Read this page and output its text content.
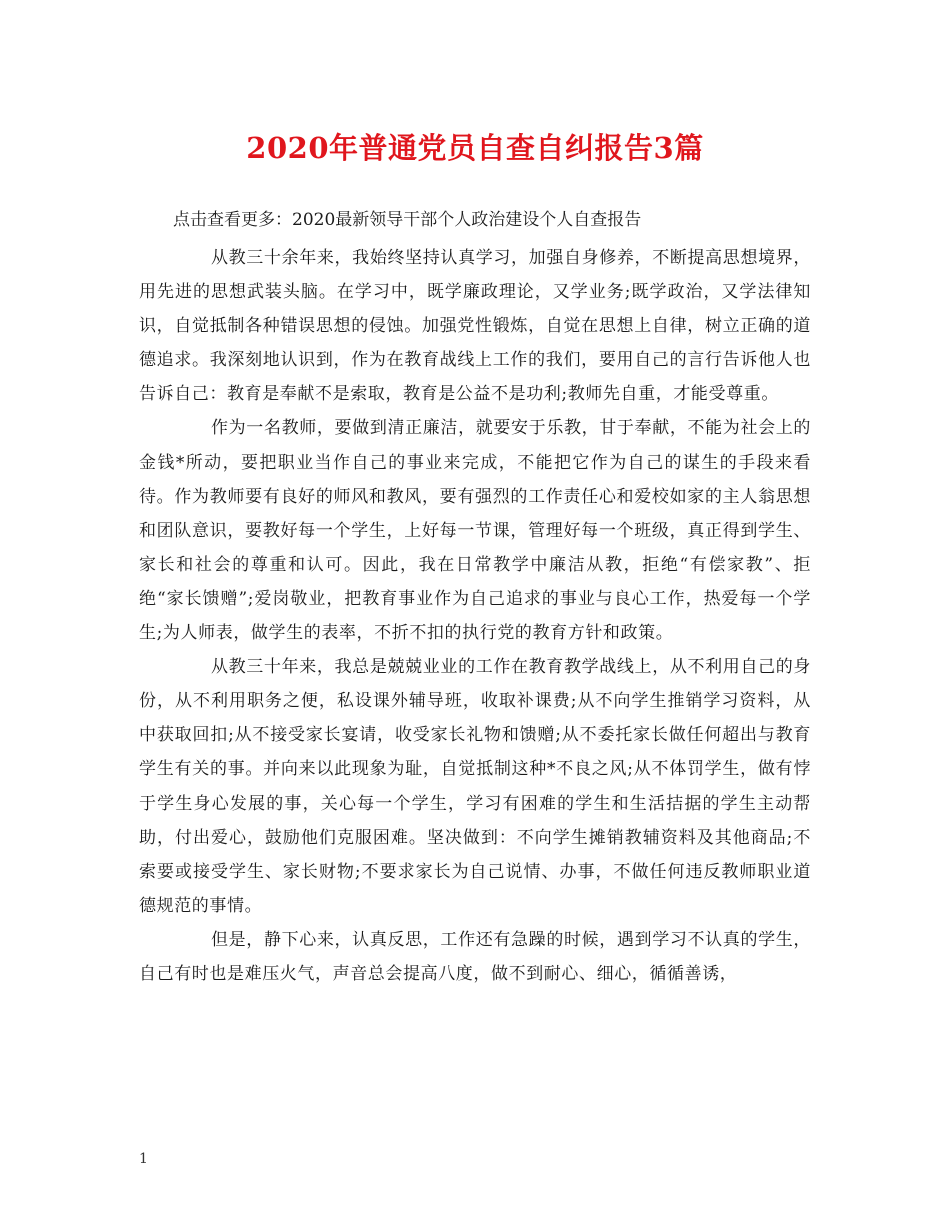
2020年普通党员自查自纠报告3篇

点击查看更多：2020最新领导干部个人政治建设个人自查报告

从教三十余年来，我始终坚持认真学习，加强自身修养，不断提高思想境界，用先进的思想武装头脑。在学习中，既学廉政理论，又学业务;既学政治，又学法律知识，自觉抵制各种错误思想的侵蚀。加强党性锻炼，自觉在思想上自律，树立正确的道德追求。我深刻地认识到，作为在教育战线上工作的我们，要用自己的言行告诉他人也告诉自己：教育是奉献不是索取，教育是公益不是功利;教师先自重，才能受尊重。

作为一名教师，要做到清正廉洁，就要安于乐教，甘于奉献，不能为社会上的金钱*所动，要把职业当作自己的事业来完成，不能把它作为自己的谋生的手段来看待。作为教师要有良好的师风和教风，要有强烈的工作责任心和爱校如家的主人翁思想和团队意识，要教好每一个学生，上好每一节课，管理好每一个班级，真正得到学生、家长和社会的尊重和认可。因此，我在日常教学中廉洁从教，拒绝“有偿家教”、拒绝“家长馈赠”;爱岗敬业，把教育事业作为自己追求的事业与良心工作，热爱每一个学生;为人师表，做学生的表率，不折不扣的执行党的教育方针和政策。

从教三十年来，我总是兢兢业业的工作在教育教学战线上，从不利用自己的身份，从不利用职务之便，私设课外辅导班，收取补课费;从不向学生推销学习资料，从中获取回扣;从不接受家长宴请，收受家长礼物和馈赠;从不委托家长做任何超出与教育学生有关的事。并向来以此现象为耻，自觉抵制这种*不良之风;从不体罚学生，做有悖于学生身心发展的事，关心每一个学生，学习有困难的学生和生活拮据的学生主动帮助，付出爱心，鼓励他们克服困难。坚决做到：不向学生摊销教辅资料及其他商品;不索要或接受学生、家长财物;不要求家长为自己说情、办事，不做任何违反教师职业道德规范的事情。

但是，静下心来，认真反思，工作还有急躁的时候，遇到学习不认真的学生，自己有时也是难压火气，声音总会提高八度，做不到耐心、细心，循循善诱，

1
